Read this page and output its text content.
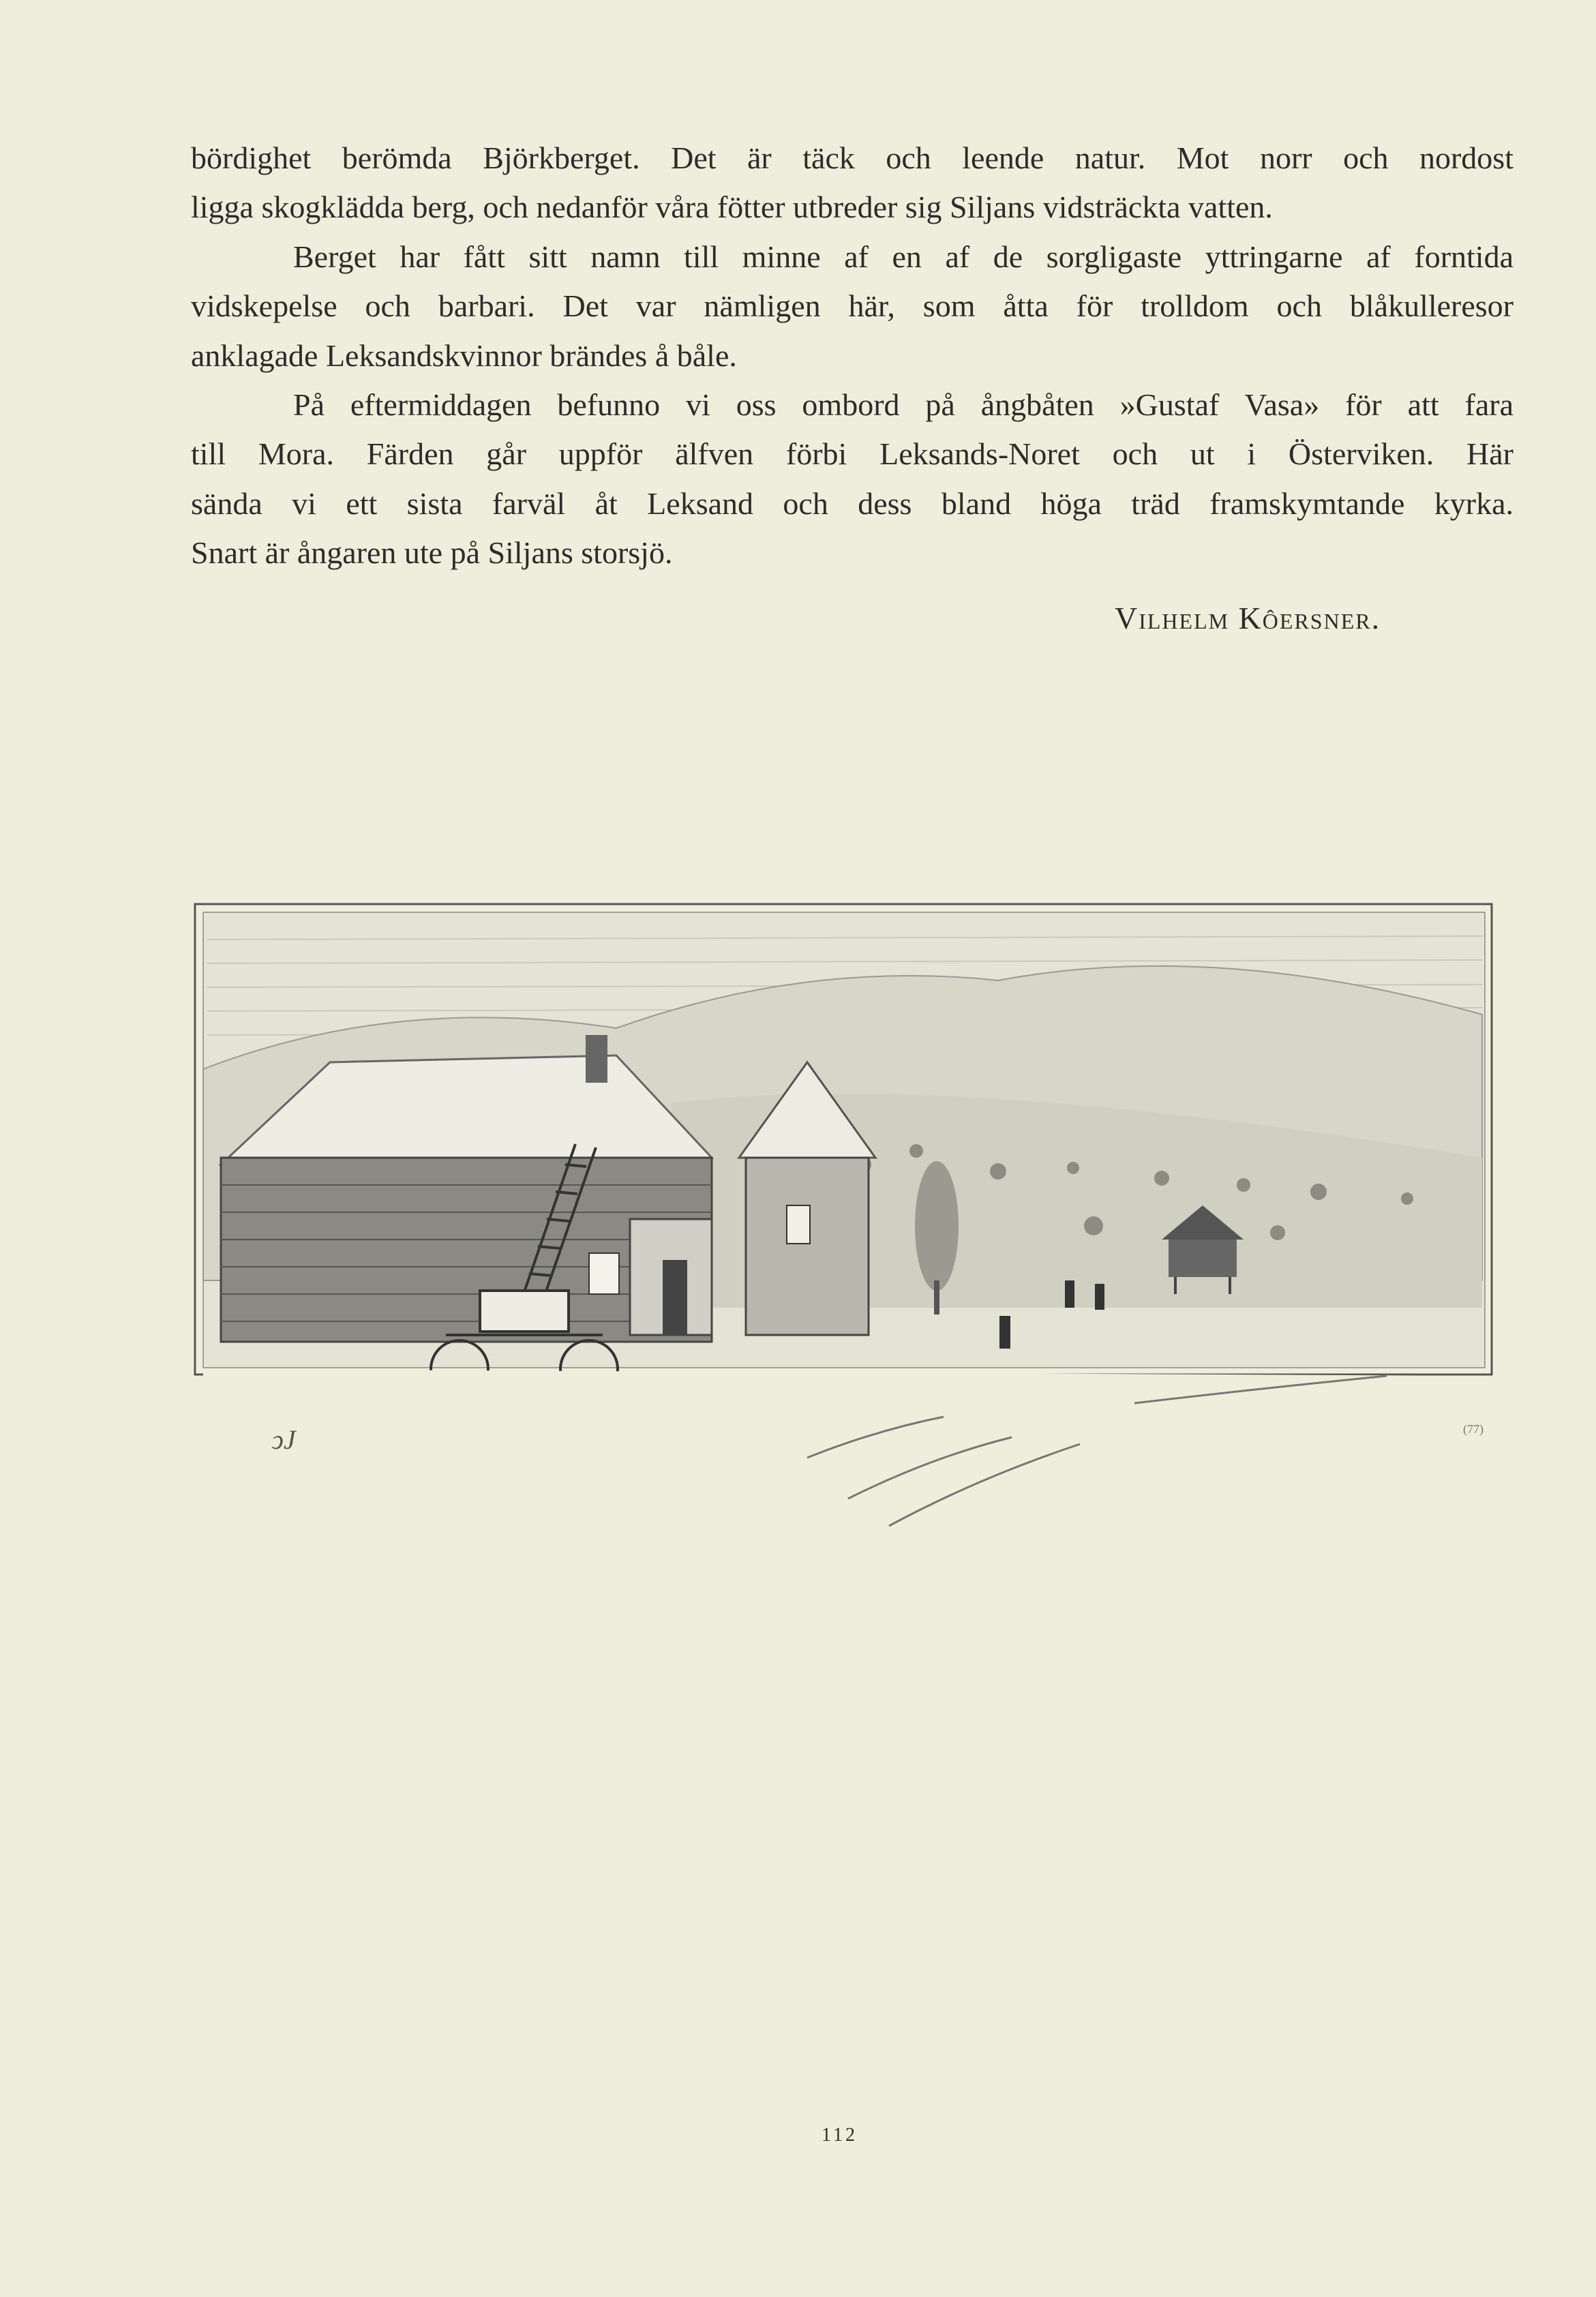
bördighet berömda Björkberget. Det är täck och leende natur. Mot norr och nordost
ligga skogklädda berg, och nedanför våra fötter utbreder sig Siljans vidsträckta vatten.
Berget har fått sitt namn till minne af en af de sorgligaste yttringarne af forntida
vidskepelse och barbari. Det var nämligen här, som åtta för trolldom och blåkulleresor
anklagade Leksandskvinnor brändes å båle.
På eftermiddagen befunno vi oss ombord på ångbåten »Gustaf Vasa» för att fara
till Mora. Färden går uppför älfven förbi Leksands-Noret och ut i Österviken. Här
sända vi ett sista farväl åt Leksand och dess bland höga träd framskymtande kyrka.
Snart är ångaren ute på Siljans storsjö.
Vilhelm Kôersner.
ↄJ	(77)
112
